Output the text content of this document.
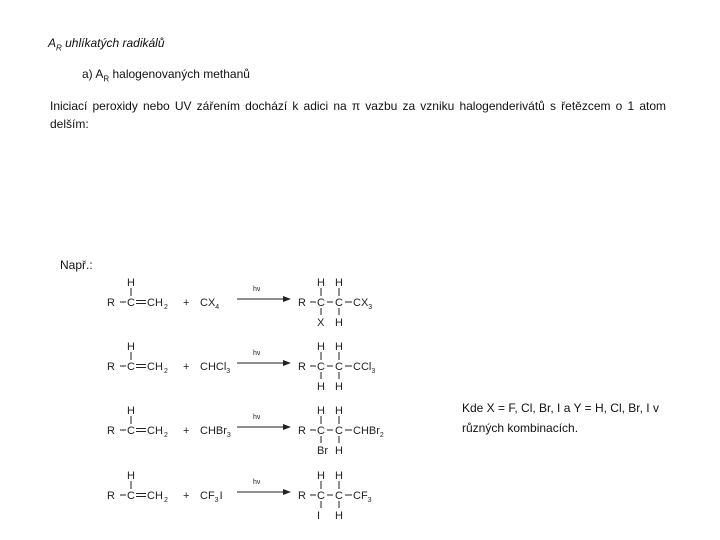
$A_R$ uhlíkatých radikálů
a) $A_R$ halogenovaných methanů
Iniciací peroxidy nebo UV zářením dochází k adici na π vazbu za vzniku halogenderivátů s řetězcem o 1 atom delším:
Např.:
Kde X = F, Cl, Br, I a Y = H, Cl, Br, I v různých kombinacích.
R C
H
CH 2 + CX 4
hν
R C
H
X
C
H
H
CX 3
R C
H
CH 2 + CHCl 3
hν
R C
H
H
C
H
H
CCl 3
R C
H
CH 2 + CHBr 3
hν
R C
H
Br
C
H
H
CHBr 2
R C
H
CH 2 + CF 3 I
hν
R C
H
I
C
H
H
CF 3
